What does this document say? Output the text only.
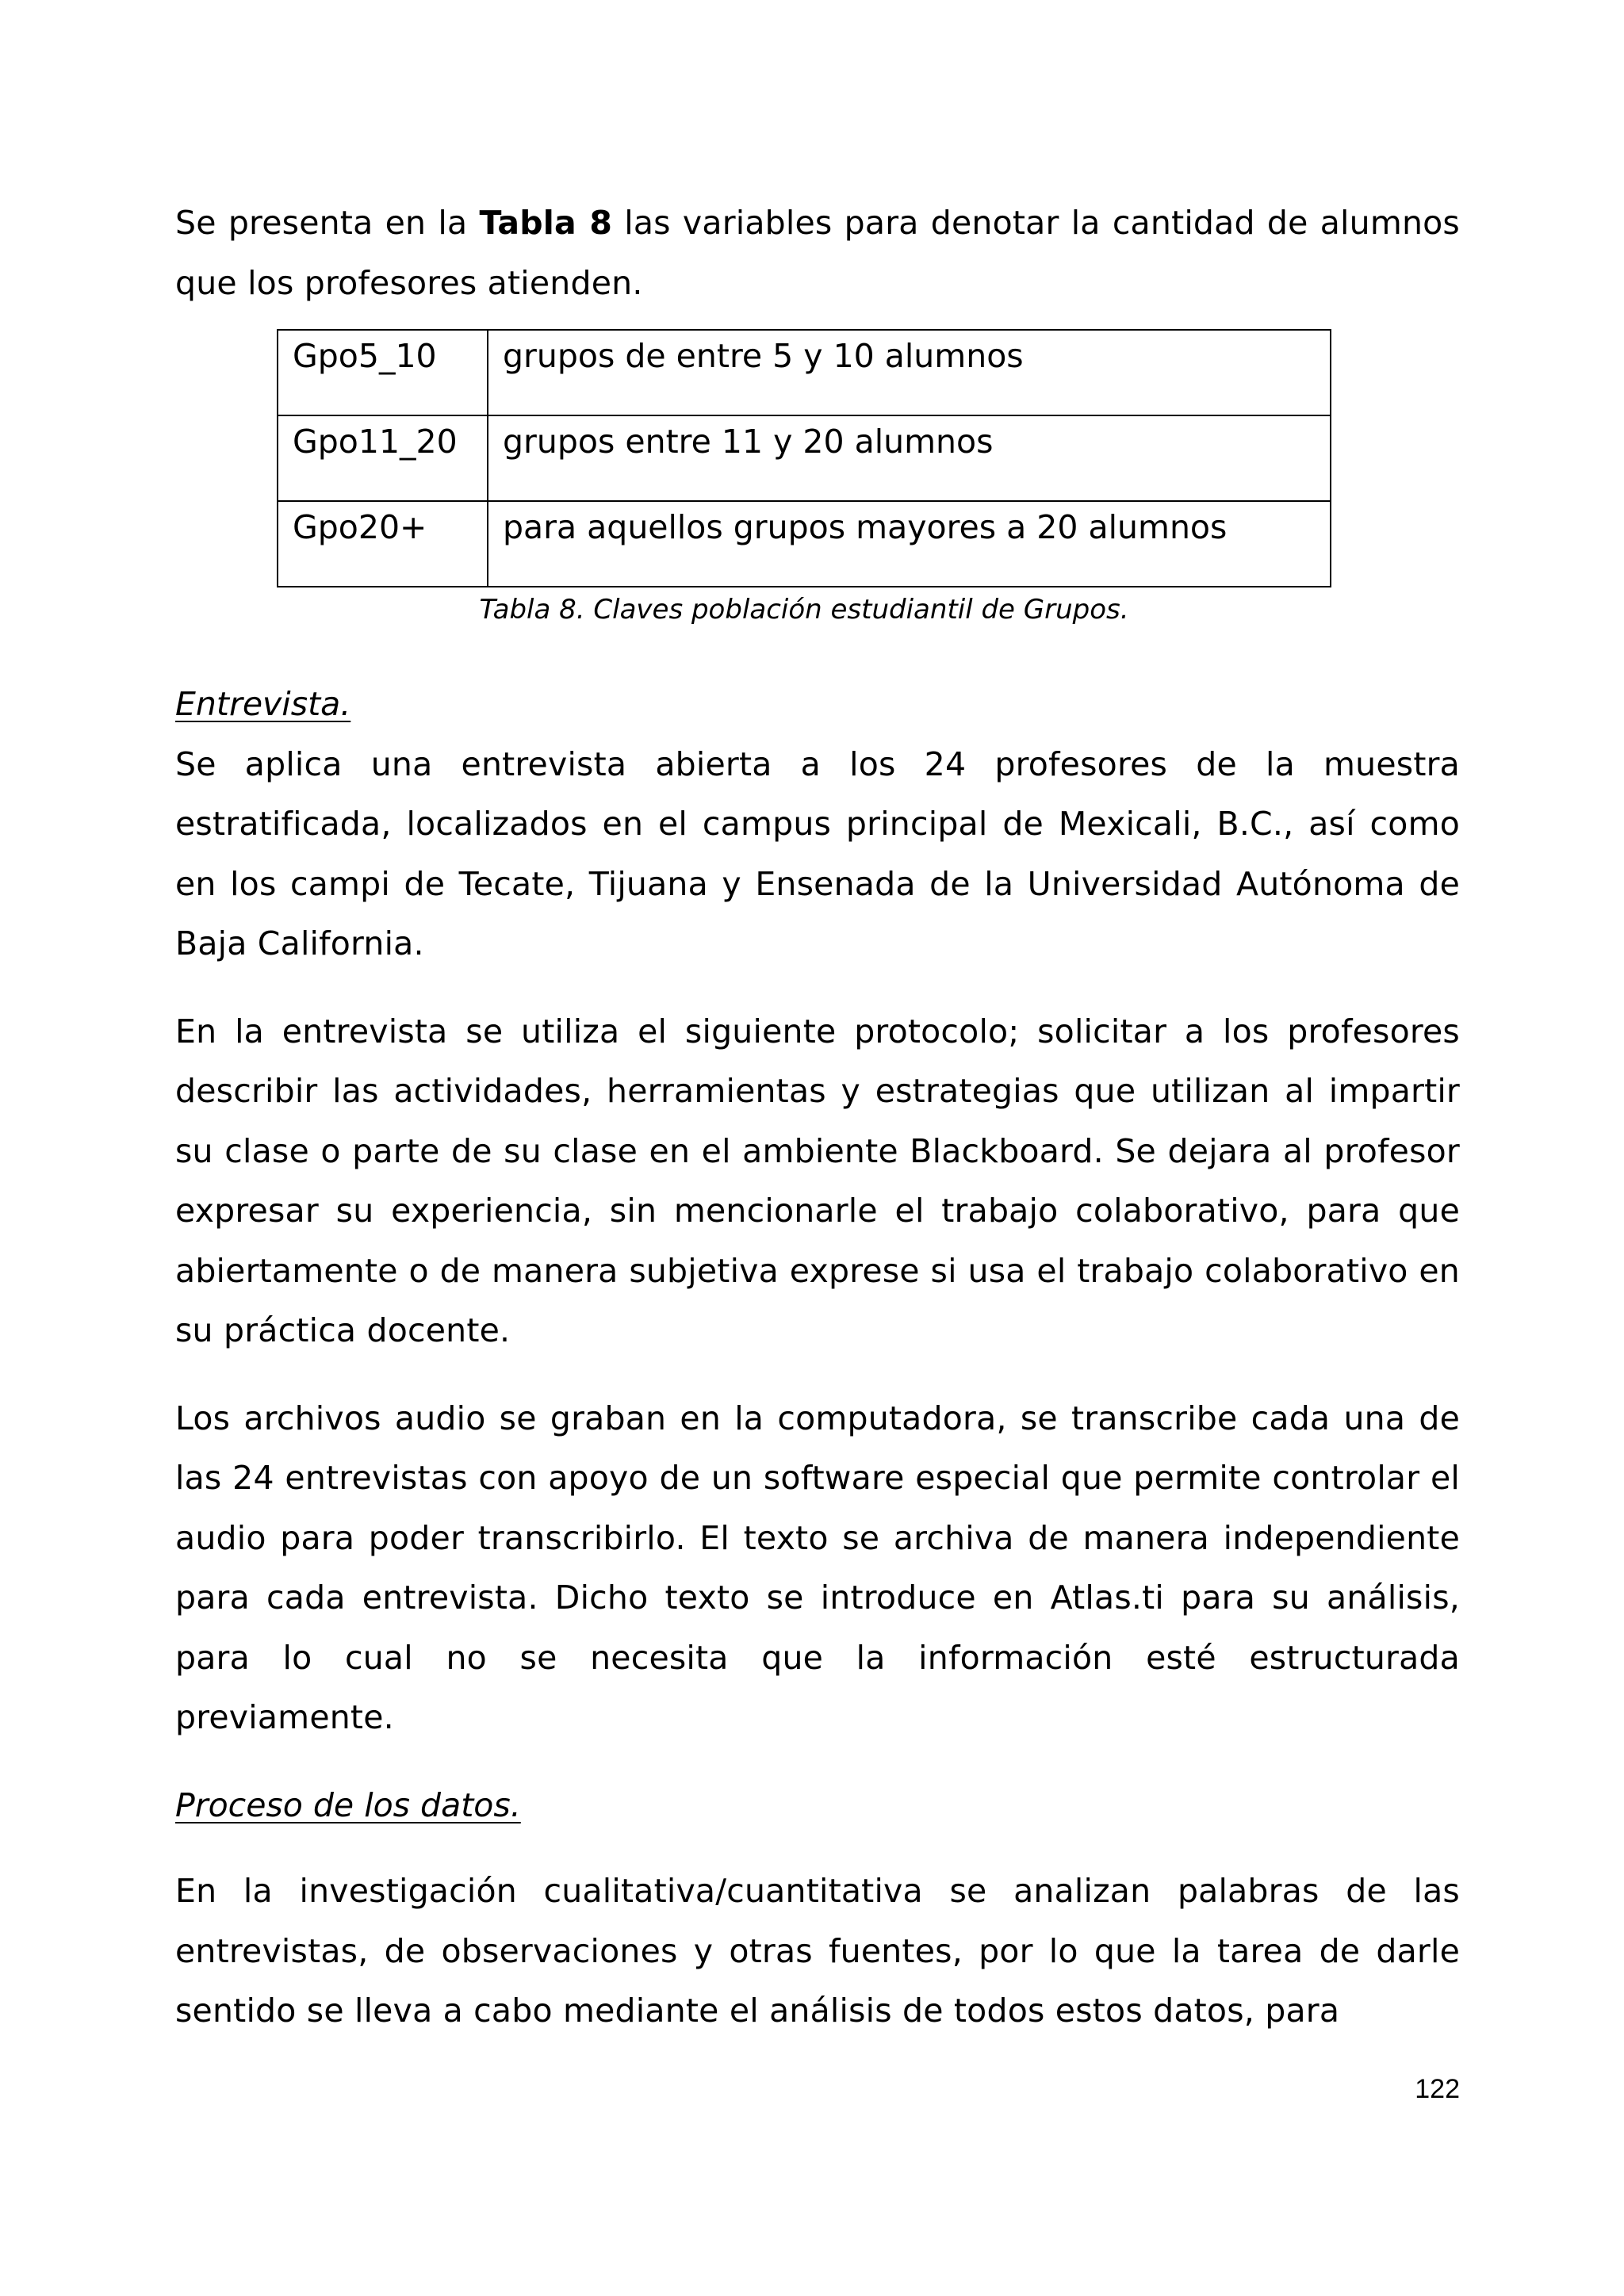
Se presenta en la Tabla 8 las variables para denotar la cantidad de alumnos que los profesores atienden.

Gpo5_10	grupos de entre 5 y 10 alumnos
Gpo11_20	grupos entre 11 y 20 alumnos
Gpo20+	para aquellos grupos mayores a 20 alumnos

Tabla 8. Claves población estudiantil de Grupos.

Entrevista.

Se aplica una entrevista abierta a los 24 profesores de la muestra estratificada, localizados en el campus principal de Mexicali, B.C., así como en los campi de Tecate, Tijuana y Ensenada de la Universidad Autónoma de Baja California.

En la entrevista se utiliza el siguiente protocolo; solicitar a los profesores describir las actividades, herramientas y estrategias que utilizan al impartir su clase o parte de su clase en el ambiente Blackboard. Se dejara al profesor expresar su experiencia, sin mencionarle el trabajo colaborativo, para que abiertamente o de manera subjetiva exprese si usa el trabajo colaborativo en su práctica docente.

Los archivos audio se graban en la computadora, se transcribe cada una de las 24 entrevistas con apoyo de un software especial que permite controlar el audio para poder transcribirlo. El texto se archiva de manera independiente para cada entrevista. Dicho texto se introduce en Atlas.ti para su análisis, para lo cual no se necesita que la información esté estructurada previamente.

Proceso de los datos.

En la investigación cualitativa/cuantitativa se analizan palabras de las entrevistas, de observaciones y otras fuentes, por lo que la tarea de darle sentido se lleva a cabo mediante el análisis de todos estos datos, para

122
